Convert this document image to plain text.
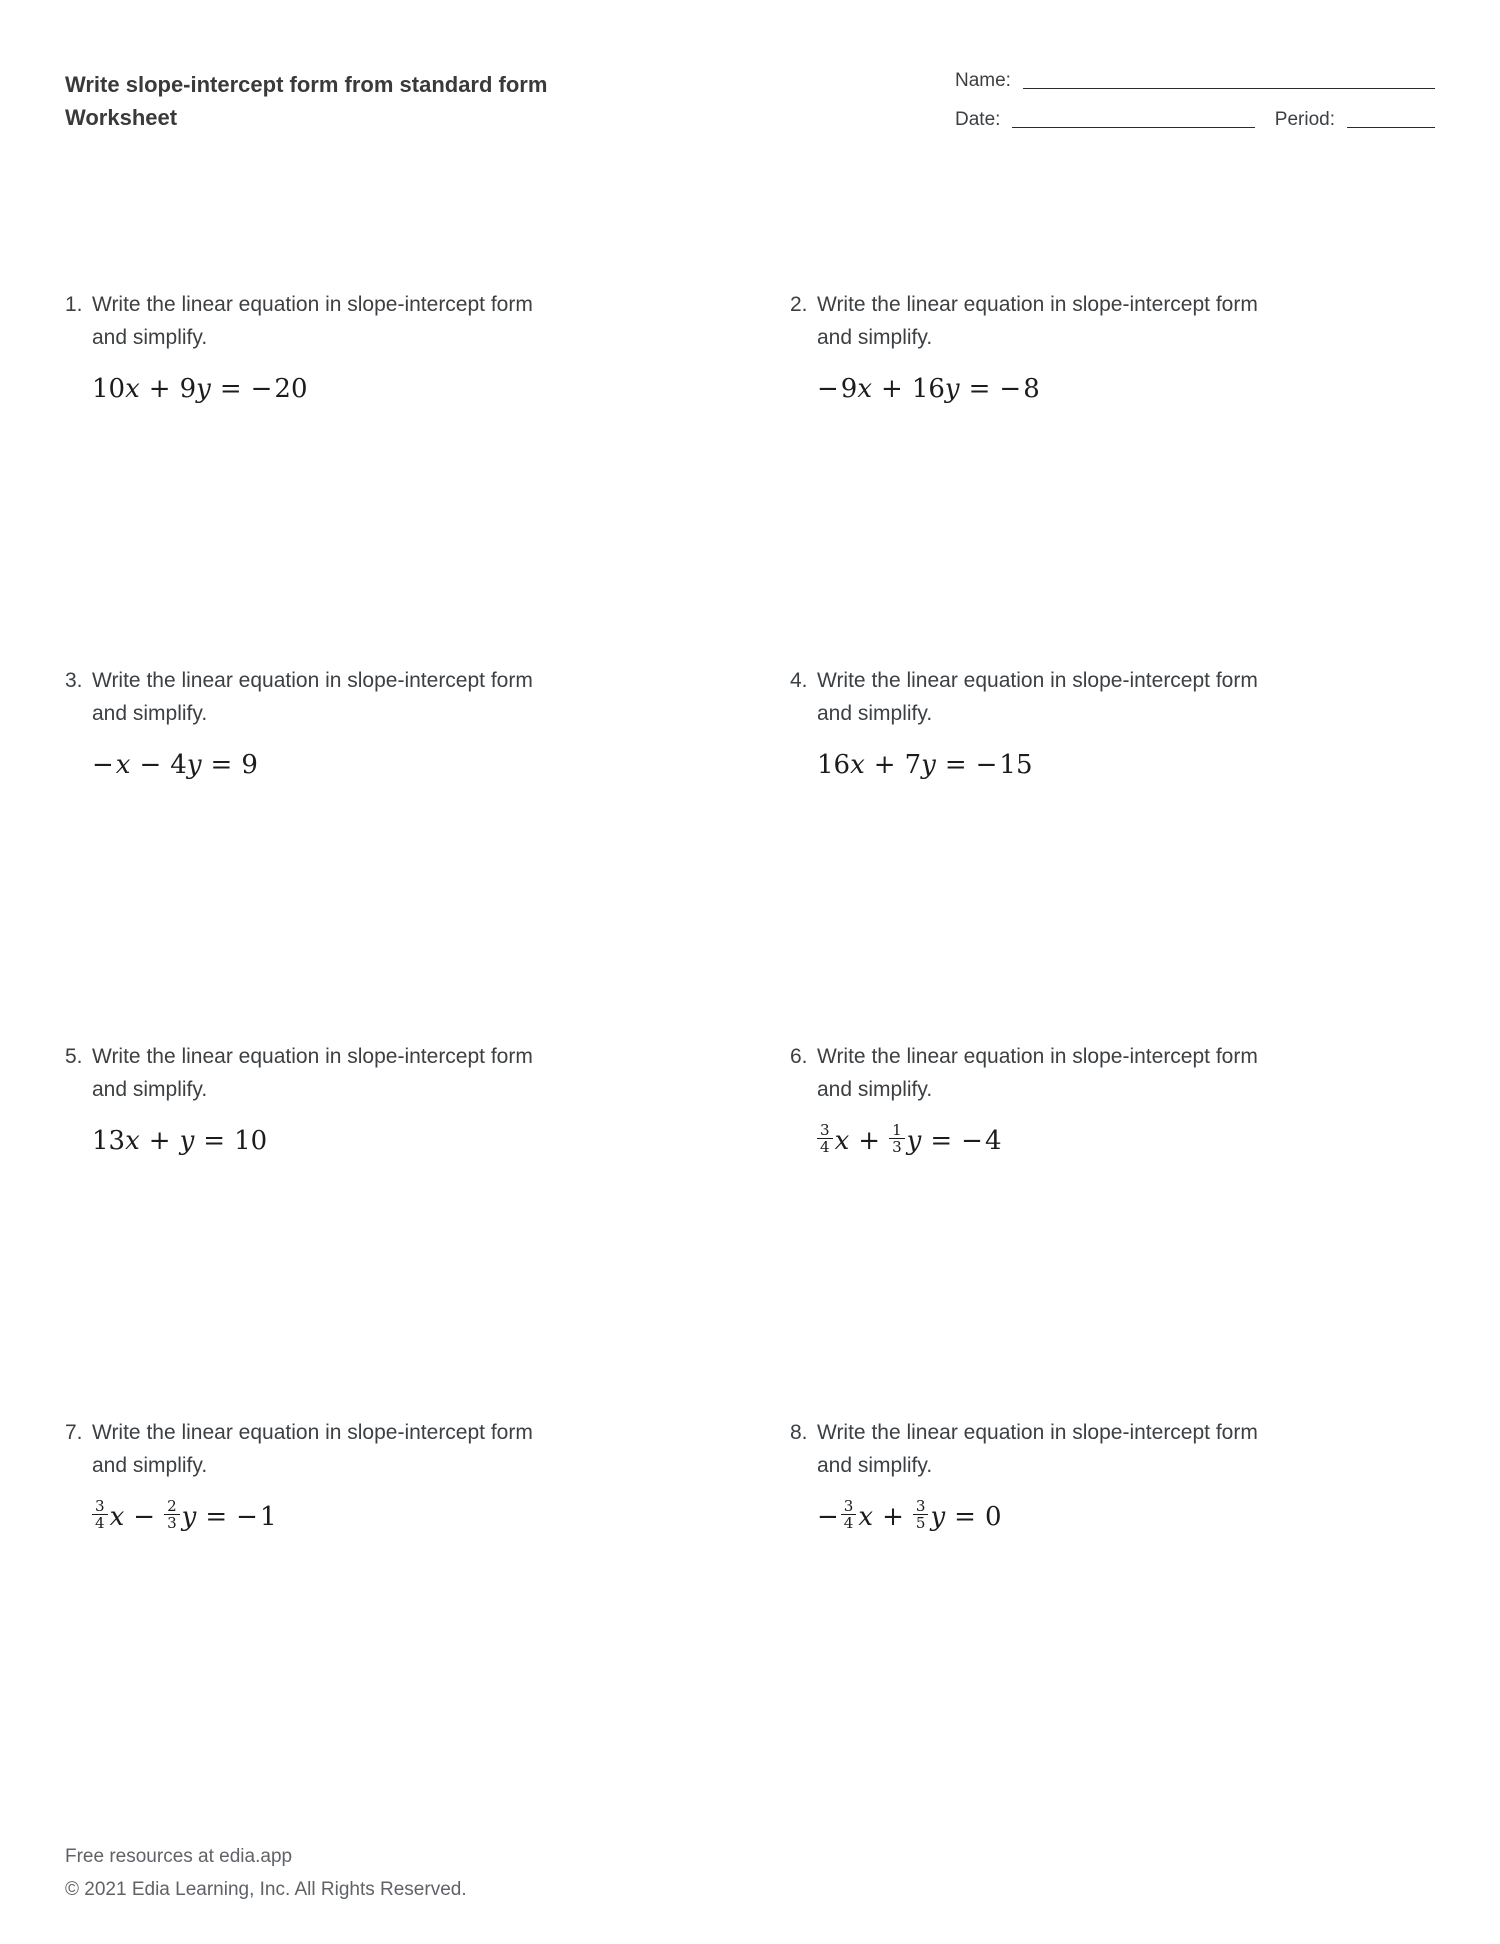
Write slope-intercept form from standard form
Worksheet
Name:
Date:	Period:
1. Write the linear equation in slope-intercept form
and simplify.
10 x + 9 y = − 20
2. Write the linear equation in slope-intercept form
and simplify.
− 9 x + 16 y = − 8
3. Write the linear equation in slope-intercept form
and simplify.
− x − 4 y = 9
4. Write the linear equation in slope-intercept form
and simplify.
16 x + 7 y = − 15
5. Write the linear equation in slope-intercept form
and simplify.
13 x + y = 10
6. Write the linear equation in slope-intercept form
and simplify.
$\frac{3}{4}$ $x + \frac{1}{3}$ y = − 4
7. Write the linear equation in slope-intercept form
and simplify.
$\frac{3}{4}$ $x - \frac{2}{3}$ y = − 1
8. Write the linear equation in slope-intercept form
and simplify.
− $\frac{3}{4}$ $x + \frac{3}{5}$ y = 0
Free resources at edia.app
© 2021 Edia Learning, Inc. All Rights Reserved.
